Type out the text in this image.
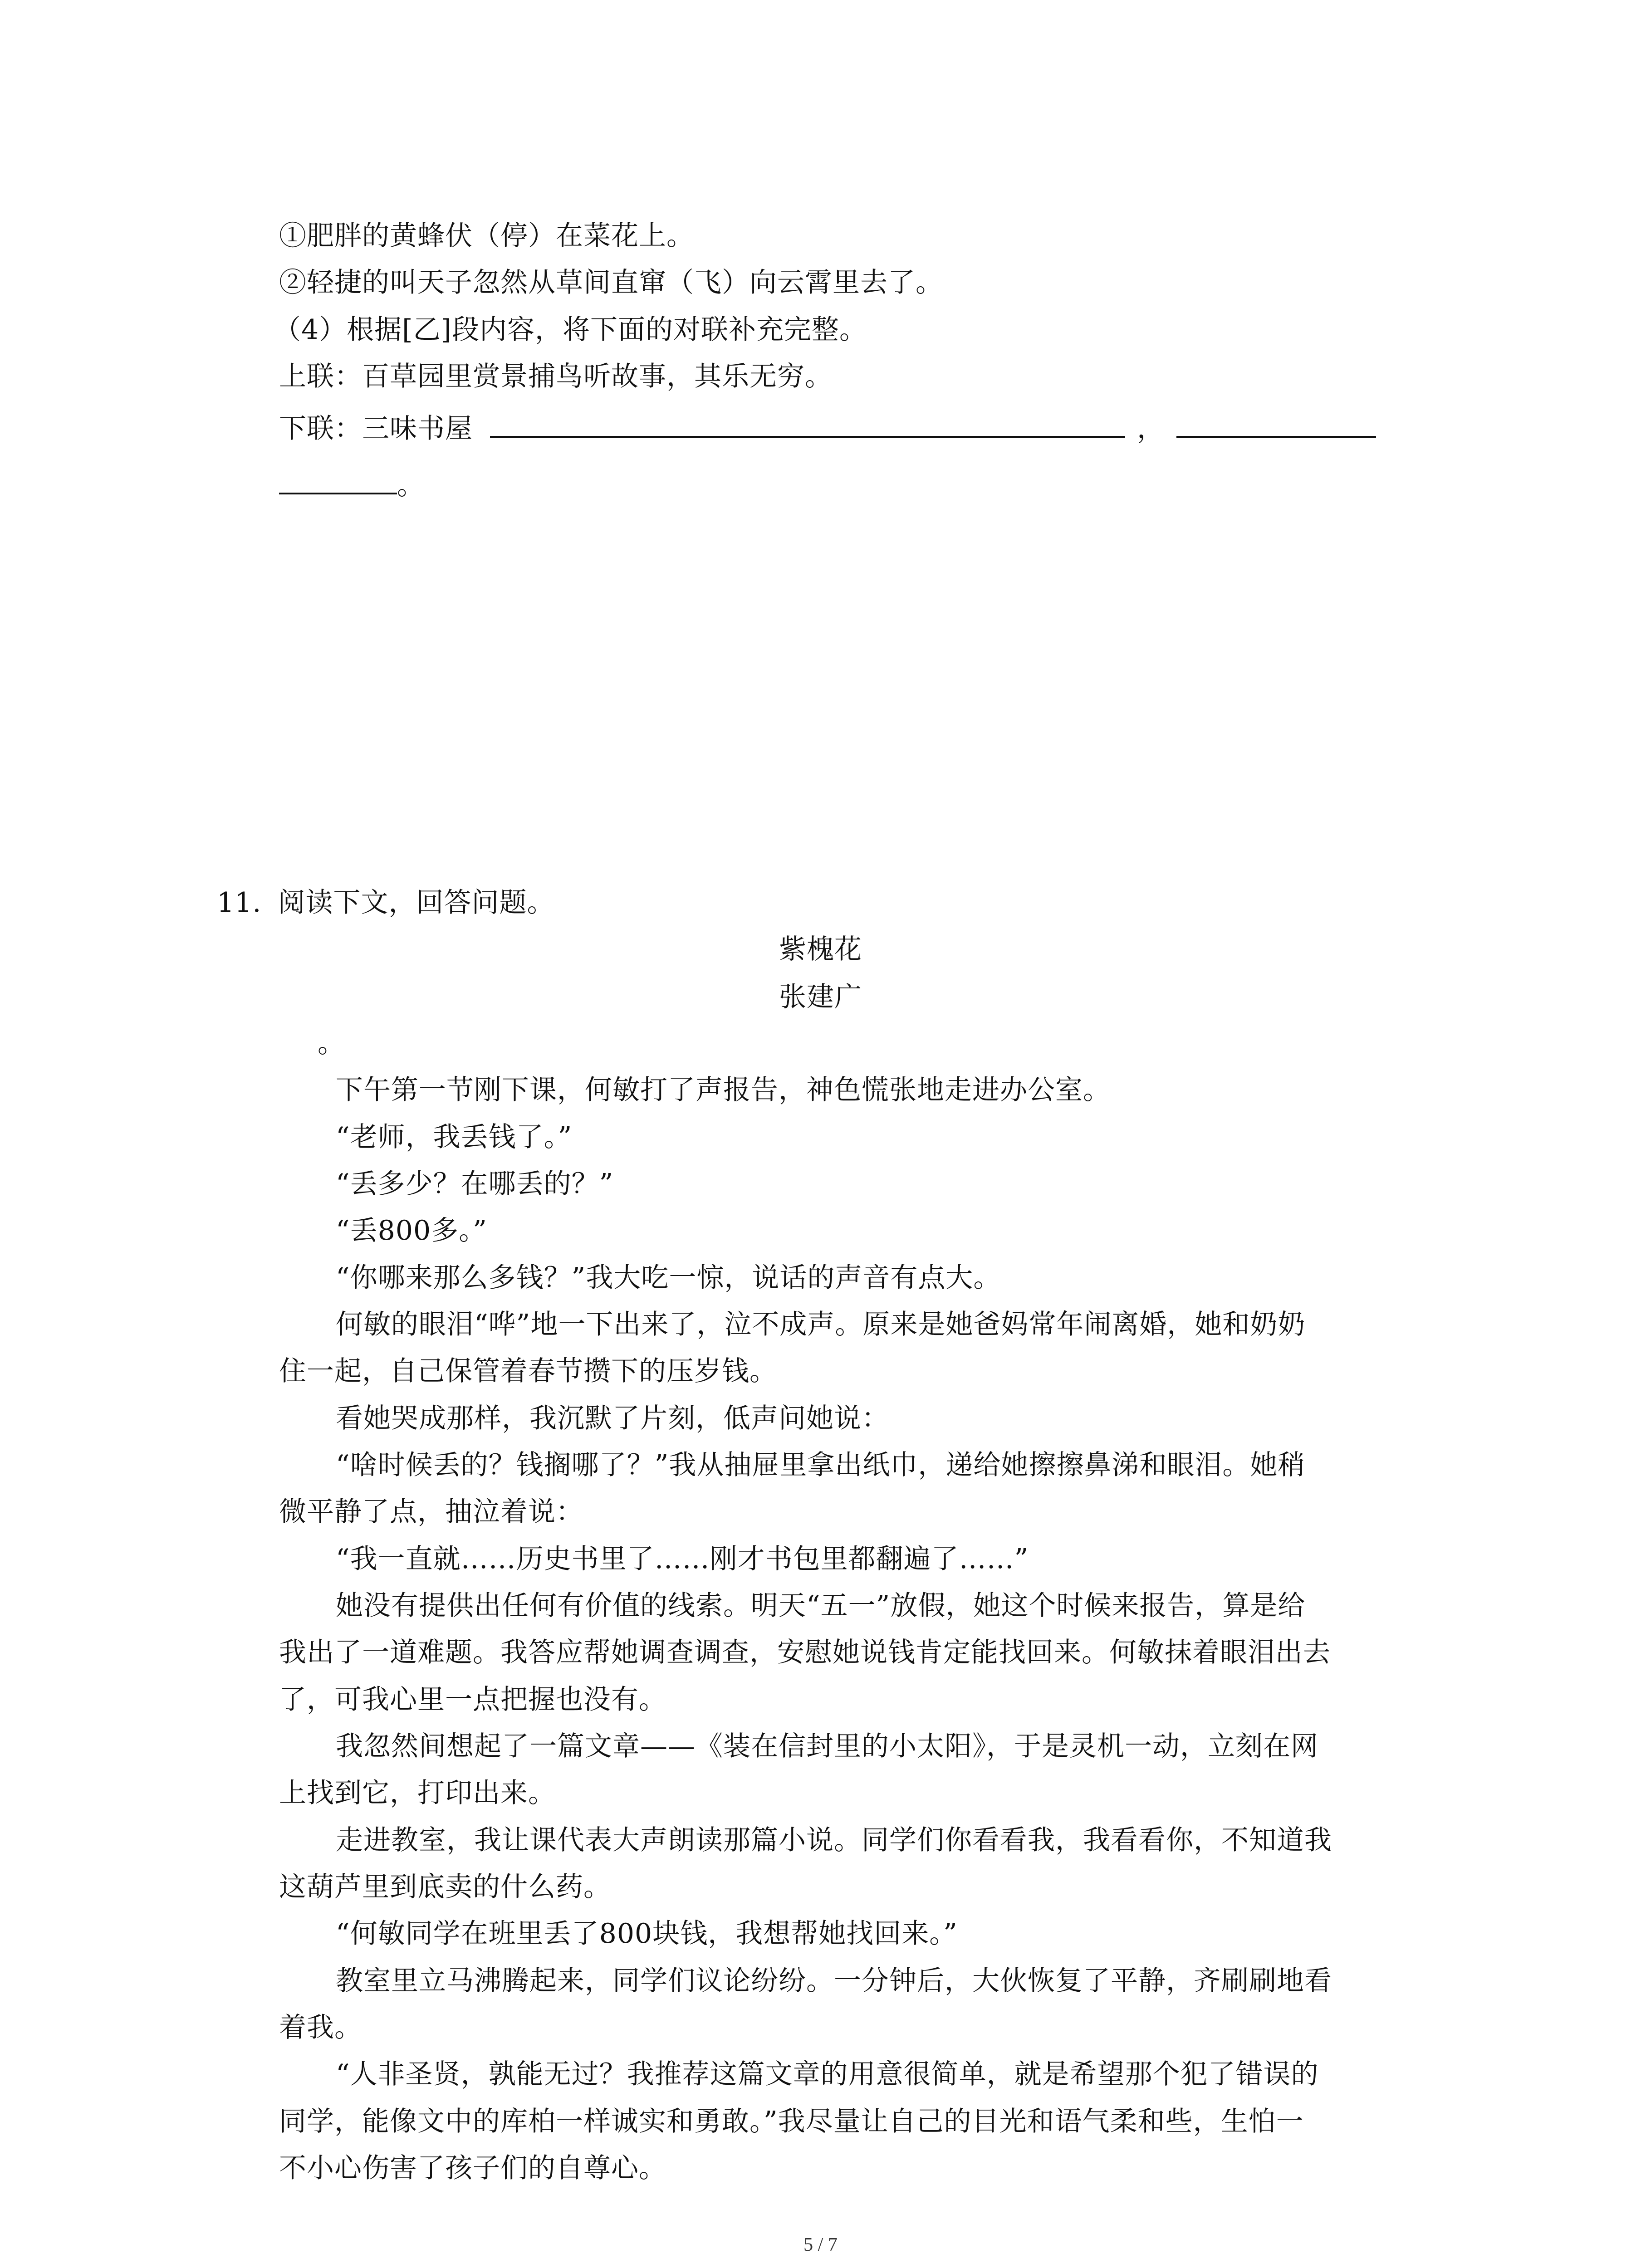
①肥胖的黄蜂伏（停）在菜花上。
②轻捷的叫天子忽然从草间直窜（飞）向云霄里去了。
（4）根据[乙]段内容，将下面的对联补充完整。
上联：百草园里赏景捕鸟听故事，其乐无穷。
下联：三味书屋	，
。
11. 阅读下文，回答问题。
紫槐花
张建广
。
下午第一节刚下课，何敏打了声报告，神色慌张地走进办公室。
“老师，我丢钱了。”
“丢多少？在哪丢的？”
“丢800多。”
“你哪来那么多钱？”我大吃一惊，说话的声音有点大。
何敏的眼泪“哗”地一下出来了，泣不成声。原来是她爸妈常年闹离婚，她和奶奶
住一起，自己保管着春节攒下的压岁钱。
看她哭成那样，我沉默了片刻，低声问她说：
“啥时候丢的？钱搁哪了？”我从抽屉里拿出纸巾，递给她擦擦鼻涕和眼泪。她稍
微平静了点，抽泣着说：
“我一直就……历史书里了……刚才书包里都翻遍了……”
她没有提供出任何有价值的线索。明天“五一”放假，她这个时候来报告，算是给
我出了一道难题。我答应帮她调查调查，安慰她说钱肯定能找回来。何敏抹着眼泪出去
了，可我心里一点把握也没有。
我忽然间想起了一篇文章——《装在信封里的小太阳》，于是灵机一动，立刻在网
上找到它，打印出来。
走进教室，我让课代表大声朗读那篇小说。同学们你看看我，我看看你，不知道我
这葫芦里到底卖的什么药。
“何敏同学在班里丢了800块钱，我想帮她找回来。”
教室里立马沸腾起来，同学们议论纷纷。一分钟后，大伙恢复了平静，齐刷刷地看
着我。
“人非圣贤，孰能无过？我推荐这篇文章的用意很简单，就是希望那个犯了错误的
同学，能像文中的库柏一样诚实和勇敢。”我尽量让自己的目光和语气柔和些，生怕一
不小心伤害了孩子们的自尊心。
5 / 7
